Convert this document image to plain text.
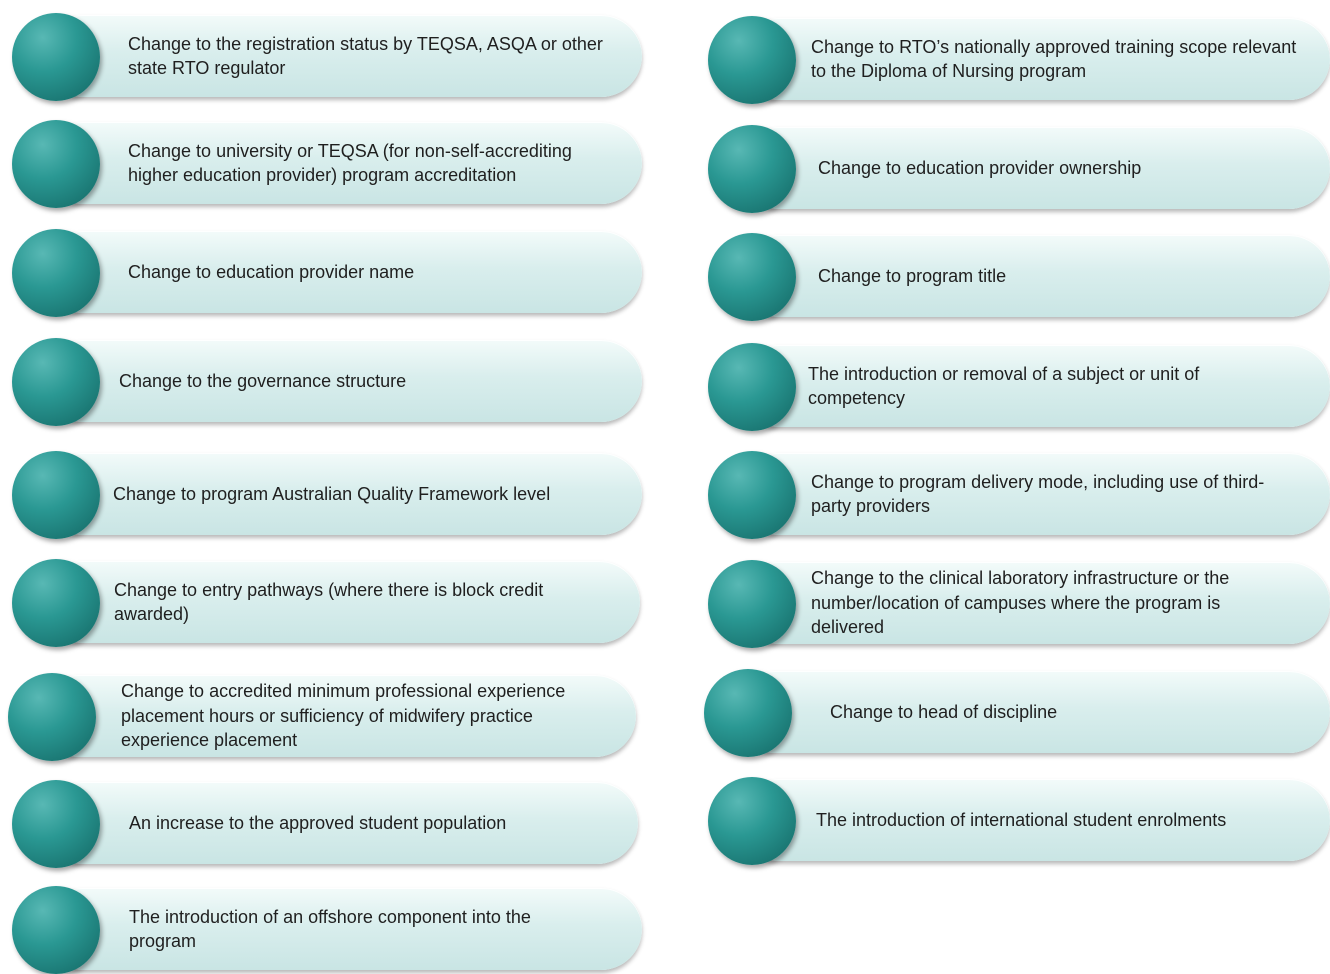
Change to the registration status by TEQSA, ASQA or other state RTO regulator
Change to university or TEQSA (for non-self-accrediting higher education provider) program accreditation
Change to education provider name
Change to the governance structure
Change to program Australian Quality Framework level
Change to entry pathways (where there is block credit awarded)
Change to accredited minimum professional experience placement hours or sufficiency of midwifery practice experience placement
An increase to the approved student population
The introduction of an offshore component into the program
Change to RTO’s nationally approved training scope relevant to the Diploma of Nursing program
Change to education provider ownership
Change to program title
The introduction or removal of a subject or unit of competency
Change to program delivery mode, including use of third-party providers
Change to the clinical laboratory infrastructure or the number/location of campuses where the program is delivered
Change to head of discipline
The introduction of international student enrolments
